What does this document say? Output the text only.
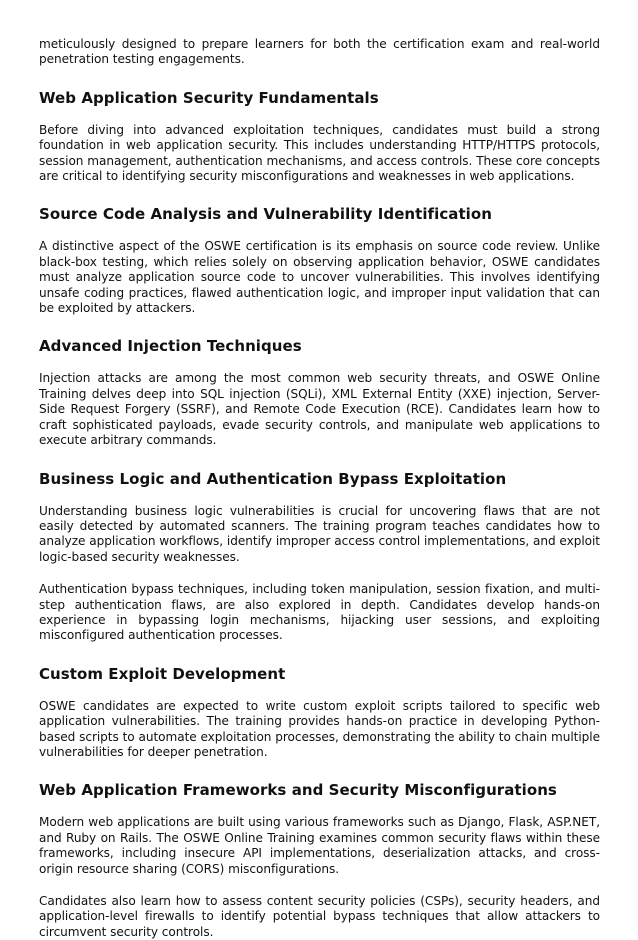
meticulously designed to prepare learners for both the certification exam and real-world penetration testing engagements.

Web Application Security Fundamentals

Before diving into advanced exploitation techniques, candidates must build a strong foundation in web application security. This includes understanding HTTP/HTTPS protocols, session management, authentication mechanisms, and access controls. These core concepts are critical to identifying security misconfigurations and weaknesses in web applications.

Source Code Analysis and Vulnerability Identification

A distinctive aspect of the OSWE certification is its emphasis on source code review. Unlike black-box testing, which relies solely on observing application behavior, OSWE candidates must analyze application source code to uncover vulnerabilities. This involves identifying unsafe coding practices, flawed authentication logic, and improper input validation that can be exploited by attackers.

Advanced Injection Techniques

Injection attacks are among the most common web security threats, and OSWE Online Training delves deep into SQL injection (SQLi), XML External Entity (XXE) injection, Server-Side Request Forgery (SSRF), and Remote Code Execution (RCE). Candidates learn how to craft sophisticated payloads, evade security controls, and manipulate web applications to execute arbitrary commands.

Business Logic and Authentication Bypass Exploitation

Understanding business logic vulnerabilities is crucial for uncovering flaws that are not easily detected by automated scanners. The training program teaches candidates how to analyze application workflows, identify improper access control implementations, and exploit logic-based security weaknesses.

Authentication bypass techniques, including token manipulation, session fixation, and multi-step authentication flaws, are also explored in depth. Candidates develop hands-on experience in bypassing login mechanisms, hijacking user sessions, and exploiting misconfigured authentication processes.

Custom Exploit Development

OSWE candidates are expected to write custom exploit scripts tailored to specific web application vulnerabilities. The training provides hands-on practice in developing Python-based scripts to automate exploitation processes, demonstrating the ability to chain multiple vulnerabilities for deeper penetration.

Web Application Frameworks and Security Misconfigurations

Modern web applications are built using various frameworks such as Django, Flask, ASP.NET, and Ruby on Rails. The OSWE Online Training examines common security flaws within these frameworks, including insecure API implementations, deserialization attacks, and cross-origin resource sharing (CORS) misconfigurations.

Candidates also learn how to assess content security policies (CSPs), security headers, and application-level firewalls to identify potential bypass techniques that allow attackers to circumvent security controls.
